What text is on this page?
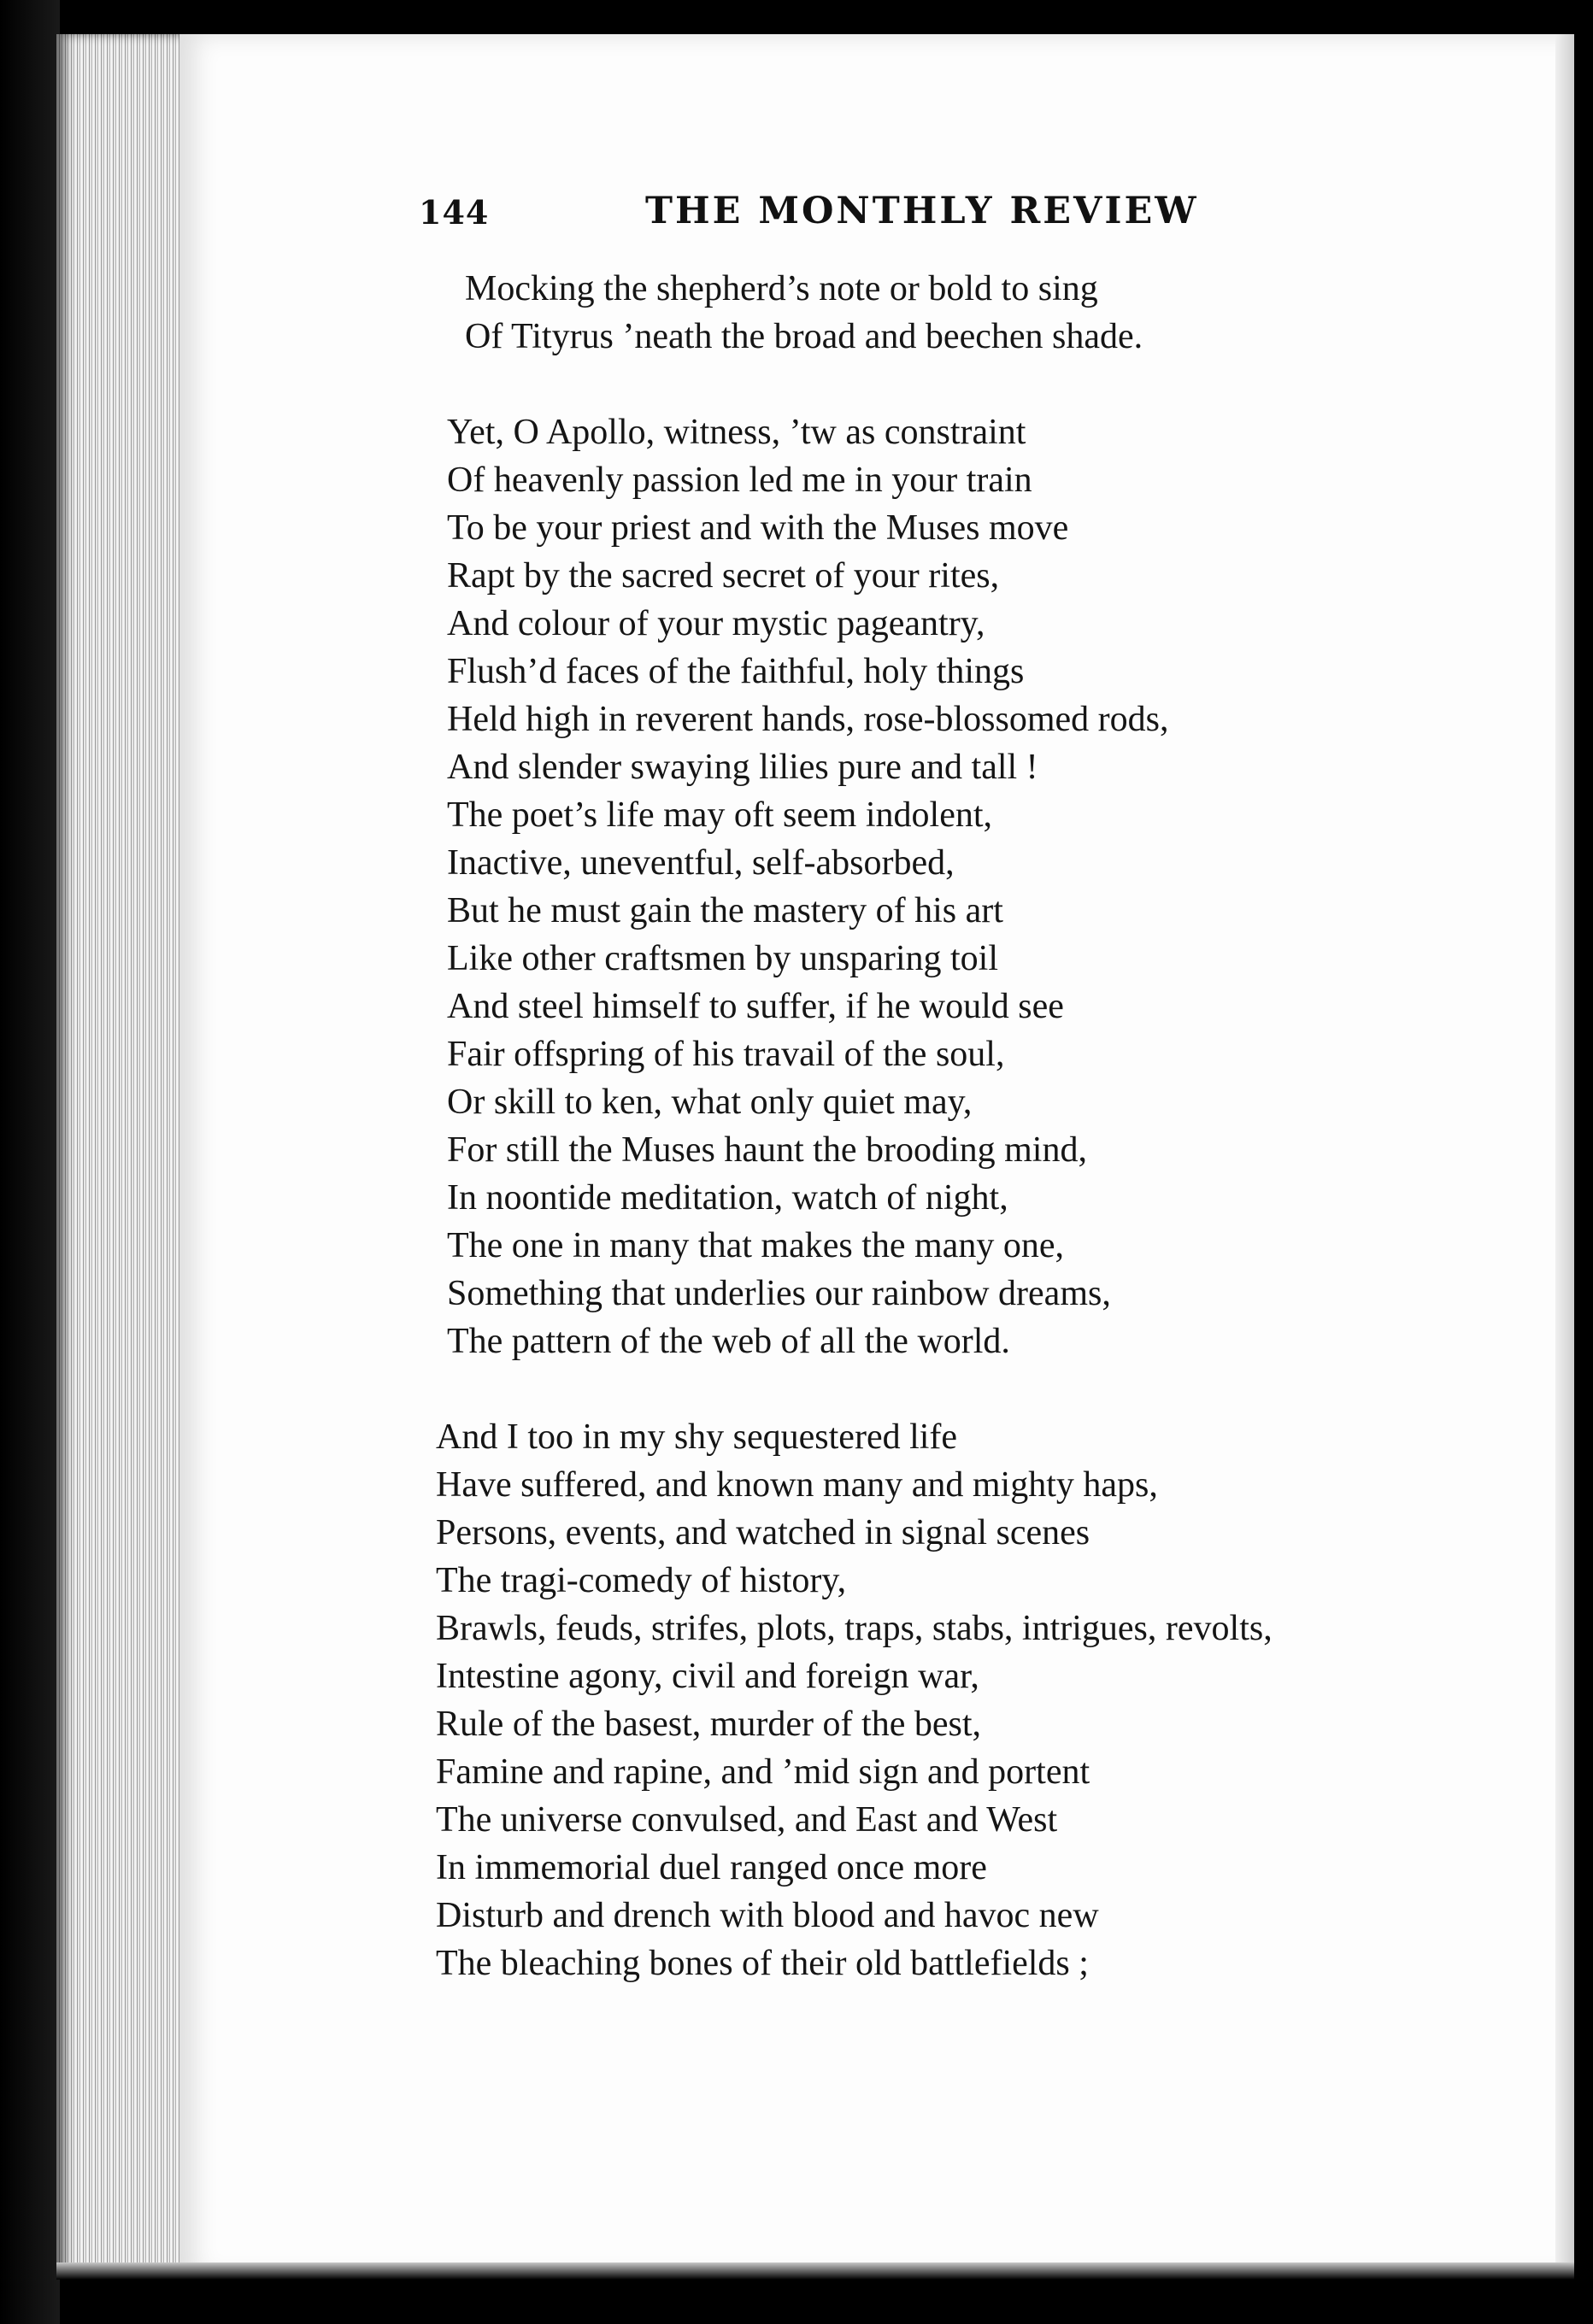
144	THE MONTHLY REVIEW
Mocking the shepherd’s note or bold to sing
Of Tityrus ’neath the broad and beechen shade.
Yet, O Apollo, witness, ’tw as constraint
Of heavenly passion led me in your train
To be your priest and with the Muses move
Rapt by the sacred secret of your rites,
And colour of your mystic pageantry,
Flush’d faces of the faithful, holy things
Held high in reverent hands, rose-blossomed rods,
And slender swaying lilies pure and tall !
The poet’s life may oft seem indolent,
Inactive, uneventful, self-absorbed,
But he must gain the mastery of his art
Like other craftsmen by unsparing toil
And steel himself to suffer, if he would see
Fair offspring of his travail of the soul,
Or skill to ken, what only quiet may,
For still the Muses haunt the brooding mind,
In noontide meditation, watch of night,
The one in many that makes the many one,
Something that underlies our rainbow dreams,
The pattern of the web of all the world.
And I too in my shy sequestered life
Have suffered, and known many and mighty haps,
Persons, events, and watched in signal scenes
The tragi-comedy of history,
Brawls, feuds, strifes, plots, traps, stabs, intrigues, revolts,
Intestine agony, civil and foreign war,
Rule of the basest, murder of the best,
Famine and rapine, and ’mid sign and portent
The universe convulsed, and East and West
In immemorial duel ranged once more
Disturb and drench with blood and havoc new
The bleaching bones of their old battlefields ;
